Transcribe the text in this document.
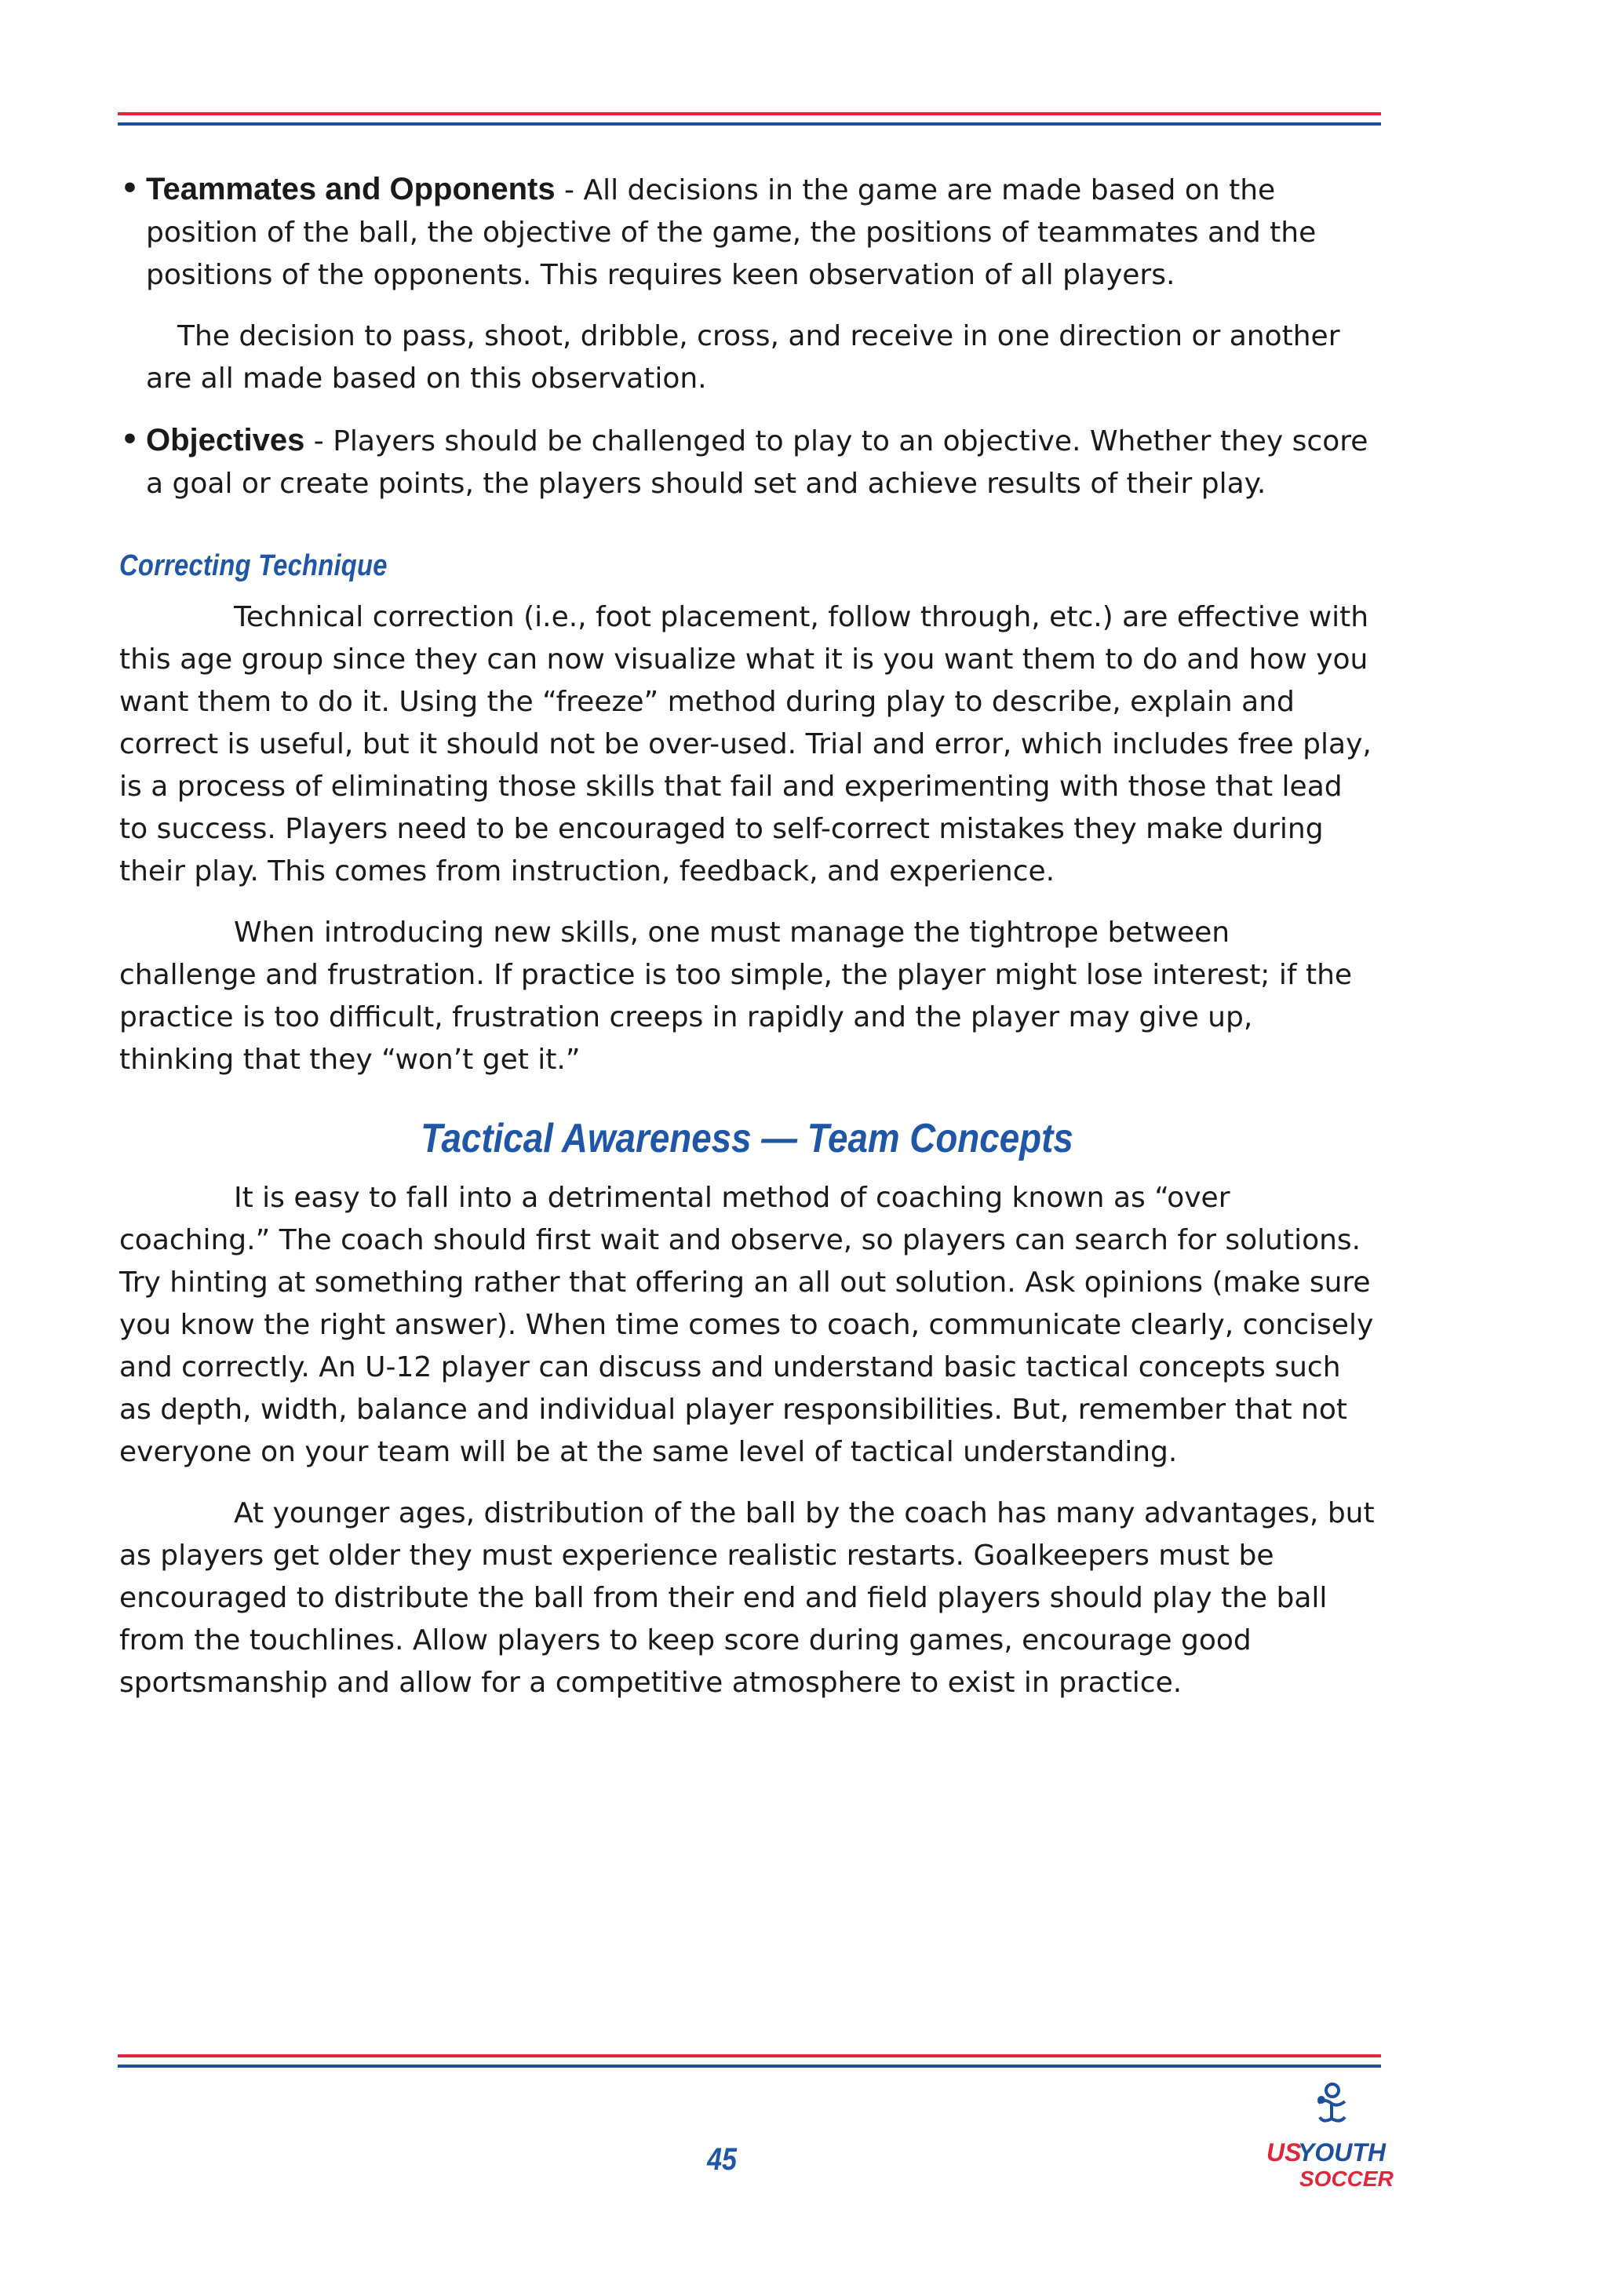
• Teammates and Opponents - All decisions in the game are made based on the position of the ball, the objective of the game, the positions of teammates and the positions of the opponents. This requires keen observation of all players.

The decision to pass, shoot, dribble, cross, and receive in one direction or another are all made based on this observation.

• Objectives - Players should be challenged to play to an objective. Whether they score a goal or create points, the players should set and achieve results of their play.
Correcting Technique

Technical correction (i.e., foot placement, follow through, etc.) are effective with this age group since they can now visualize what it is you want them to do and how you want them to do it. Using the “freeze” method during play to describe, explain and correct is useful, but it should not be over-used. Trial and error, which includes free play, is a process of eliminating those skills that fail and experimenting with those that lead to success. Players need to be encouraged to self-correct mistakes they make during their play. This comes from instruction, feedback, and experience.

When introducing new skills, one must manage the tightrope between challenge and frustration. If practice is too simple, the player might lose interest; if the practice is too difficult, frustration creeps in rapidly and the player may give up, thinking that they “won’t get it.”

Tactical Awareness — Team Concepts

It is easy to fall into a detrimental method of coaching known as “over coaching.” The coach should first wait and observe, so players can search for solutions. Try hinting at something rather that offering an all out solution. Ask opinions (make sure you know the right answer). When time comes to coach, communicate clearly, concisely and correctly. An U-12 player can discuss and understand basic tactical concepts such as depth, width, balance and individual player responsibilities. But, remember that not everyone on your team will be at the same level of tactical understanding.

At younger ages, distribution of the ball by the coach has many advantages, but as players get older they must experience realistic restarts. Goalkeepers must be encouraged to distribute the ball from their end and field players should play the ball from the touchlines. Allow players to keep score during games, encourage good sportsmanship and allow for a competitive atmosphere to exist in practice.

45	US
YOUTH
SOCCER
